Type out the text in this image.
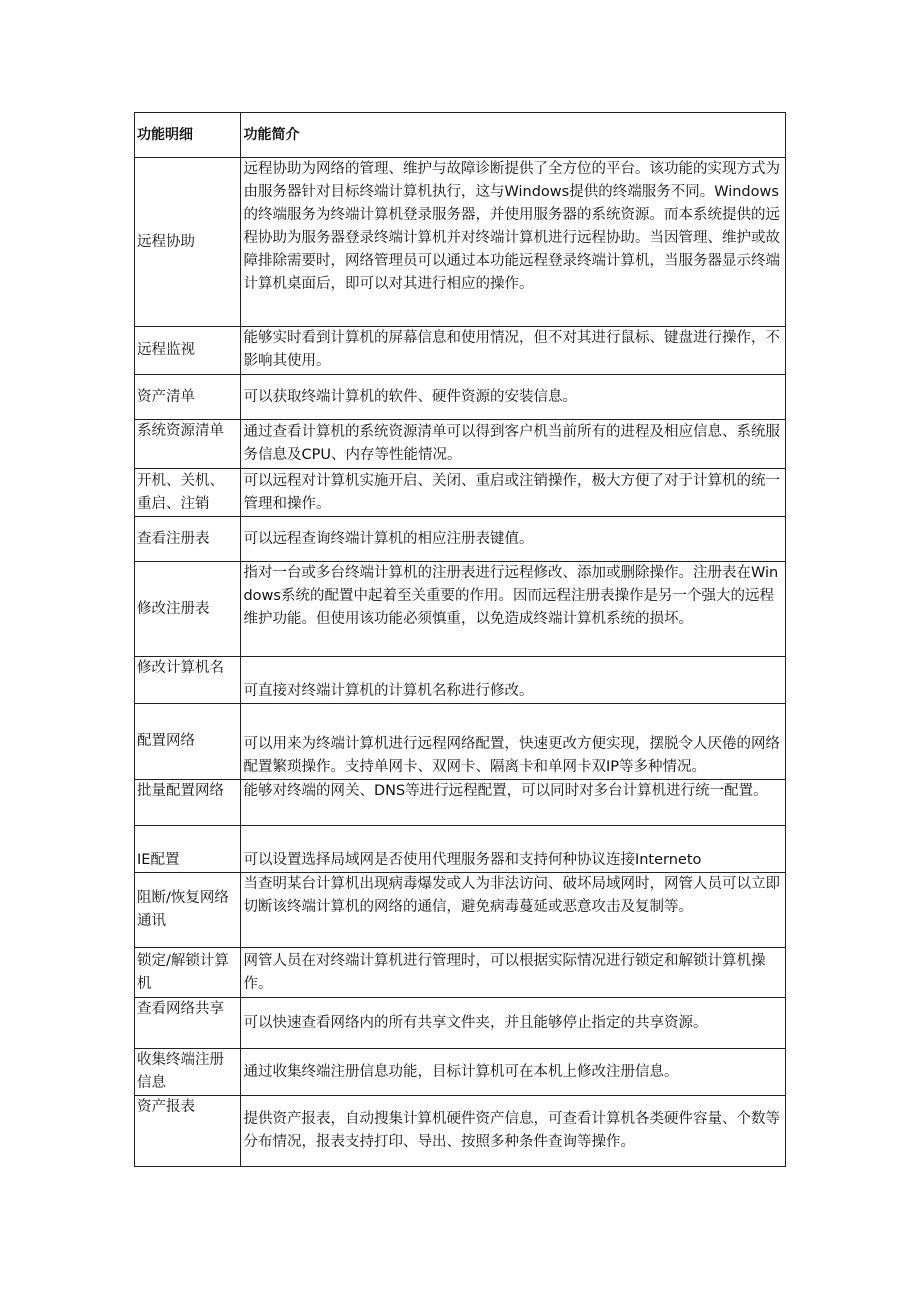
功能明细	功能简介
远程协助	远程协助为网络的管理、维护与故障诊断提供了全方位的平台。该功能的实现方式为由服务器针对目标终端计算机执行，这与Windows提供的终端服务不同。Windows的终端服务为终端计算机登录服务器，并使用服务器的系统资源。而本系统提供的远程协助为服务器登录终端计算机并对终端计算机进行远程协助。当因管理、维护或故障排除需要时，网络管理员可以通过本功能远程登录终端计算机，当服务器显示终端计算机桌面后，即可以对其进行相应的操作。
远程监视	能够实时看到计算机的屏幕信息和使用情况，但不对其进行鼠标、键盘进行操作，不影响其使用。
资产清单	可以获取终端计算机的软件、硬件资源的安装信息。
系统资源清单	通过查看计算机的系统资源清单可以得到客户机当前所有的进程及相应信息、系统服务信息及CPU、内存等性能情况。
开机、关机、重启、注销	可以远程对计算机实施开启、关闭、重启或注销操作，极大方便了对于计算机的统一管理和操作。
查看注册表	可以远程查询终端计算机的相应注册表键值。
修改注册表	指对一台或多台终端计算机的注册表进行远程修改、添加或删除操作。注册表在Windows系统的配置中起着至关重要的作用。因而远程注册表操作是另一个强大的远程维护功能。但使用该功能必须慎重，以免造成终端计算机系统的损坏。
修改计算机名	可直接对终端计算机的计算机名称进行修改。
配置网络	可以用来为终端计算机进行远程网络配置，快速更改方便实现，摆脱令人厌倦的网络配置繁琐操作。支持单网卡、双网卡、隔离卡和单网卡双IP等多种情况。
批量配置网络	能够对终端的网关、DNS等进行远程配置，可以同时对多台计算机进行统一配置。
IE配置	可以设置选择局域网是否使用代理服务器和支持何种协议连接Interneto
阻断/恢复网络通讯	当查明某台计算机出现病毒爆发或人为非法访问、破坏局域网时，网管人员可以立即切断该终端计算机的网络的通信，避免病毒蔓延或恶意攻击及复制等。
锁定/解锁计算机	网管人员在对终端计算机进行管理时，可以根据实际情况进行锁定和解锁计算机操作。
查看网络共享	可以快速查看网络内的所有共享文件夹，并且能够停止指定的共享资源。
收集终端注册信息	通过收集终端注册信息功能，目标计算机可在本机上修改注册信息。
资产报表	提供资产报表，自动搜集计算机硬件资产信息，可查看计算机各类硬件容量、个数等分布情况，报表支持打印、导出、按照多种条件查询等操作。
